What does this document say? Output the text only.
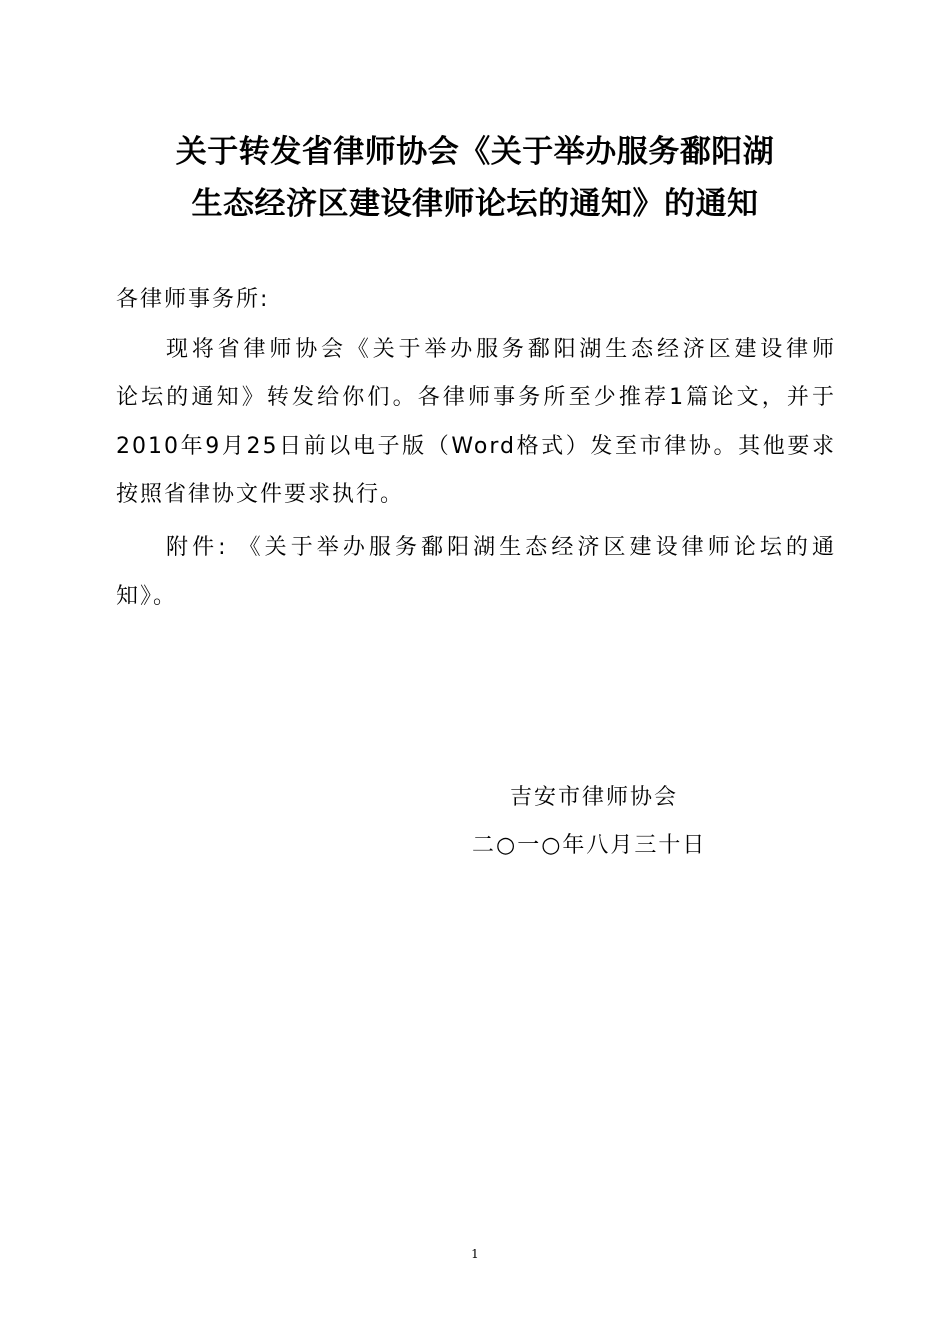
关于转发省律师协会《关于举办服务鄱阳湖
生态经济区建设律师论坛的通知》的通知
各律师事务所:
现将省律师协会《关于举办服务鄱阳湖生态经济区建设律师
论坛的通知》转发给你们。各律师事务所至少推荐1篇论文，并于
2010年9月25日前以电子版（Word格式）发至市律协。其他要求
按照省律协文件要求执行。
附件: 《关于举办服务鄱阳湖生态经济区建设律师论坛的通
知》。
吉安市律师协会
二○一○年八月三十日
1
